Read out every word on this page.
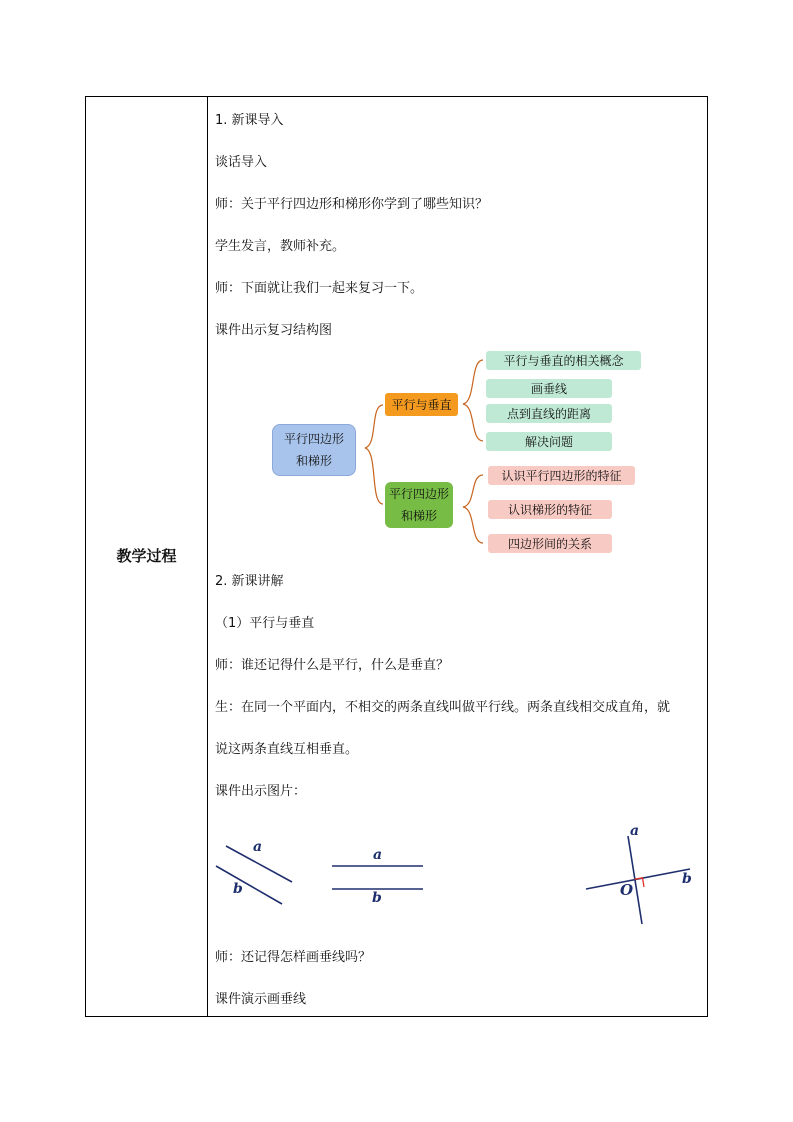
教学过程
1. 新课导入
谈话导入
师：关于平行四边形和梯形你学到了哪些知识？
学生发言，教师补充。
师：下面就让我们一起来复习一下。
课件出示复习结构图
平行四边形
和梯形
平行与垂直
平行四边形
和梯形
平行与垂直的相关概念
画垂线
点到直线的距离
解决问题
认识平行四边形的特征
认识梯形的特征
四边形间的关系
2. 新课讲解
（1）平行与垂直
师：谁还记得什么是平行，什么是垂直？
生：在同一个平面内，不相交的两条直线叫做平行线。两条直线相交成直角，就
说这两条直线互相垂直。
课件出示图片：
a
b
a
b
a
b
O
师：还记得怎样画垂线吗？
课件演示画垂线
